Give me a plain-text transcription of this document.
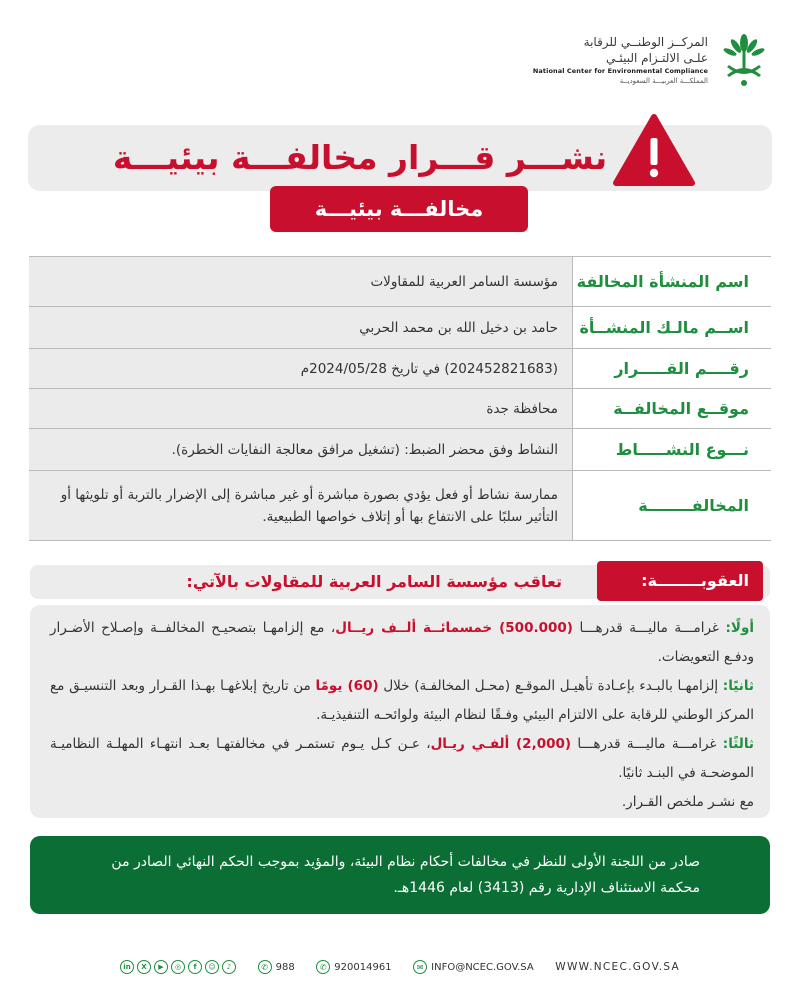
المركــز الوطنــي للرقابة
علـى الالتـزام البيئـي
National Center for Environmental Compliance
المملكـــة العربيـــة السعوديــة
نشـــر قـــرار مخالفـــة بيئيـــة
مخالفـــة بيئيـــة
اسم المنشأة المخالفة
مؤسسة السامر العربية للمقاولات
اســم مالـك المنشــأة
حامد بن دخيل الله بن محمد الحربي
رقــــم القـــــرار
(202452821683) في تاريخ 2024/05/28م
موقــع المخالفــة
محافظة جدة
نـــوع النشـــــاط
النشاط وفق محضر الضبط: (تشغيل مرافق معالجة النفايات الخطرة).
المخالفــــــــة
ممارسة نشاط أو فعل يؤدي بصورة مباشرة أو غير مباشرة إلى الإضرار بالتربة أو تلويثها أو التأثير سلبًا على الانتفاع بها أو إتلاف خواصها الطبيعية.
العقوبــــــــة:
تعاقب مؤسسة السامر العربية للمقاولات بالآتي:

أولًا: غرامـــة ماليـــة قدرهـــا (500.000) خمسمائــة ألــف ريــال، مع إلزامهـا بتصحيـح المخالفــة وإصـلاح الأضـرار ودفـع التعويضات.

ثانيًا: إلزامهـا بالبـدء بإعـادة تأهيـل الموقـع (محـل المخالفـة) خلال (60) يومًا من تاريخ إبلاغهـا بهـذا القـرار وبعد التنسيـق مع المركز الوطني للرقابة على الالتزام البيئي وفـقًا لنظام البيئة ولوائحـه التنفيذيـة.

ثالثًا: غرامـــة ماليـــة قدرهـــا (2,000) ألفـي ريـال، عـن كـل يـوم تستمـر في مخالفتهـا بعـد انتهـاء المهلـة النظاميـة الموضحـة في البنـد ثانيًا.

مع نشـر ملخص القـرار.

صادر من اللجنة الأولى للنظر في مخالفات أحكام نظام البيئة، والمؤيد بموجب الحكم النهائي الصادر من محكمة الاستئناف الإدارية رقم (3413) لعام 1446هـ.
in	X	▶	◎	f	☺	♪	✆ 988	✆ 920014961	✉ INFO@NCEC.GOV.SA WWW.NCEC.GOV.SA
